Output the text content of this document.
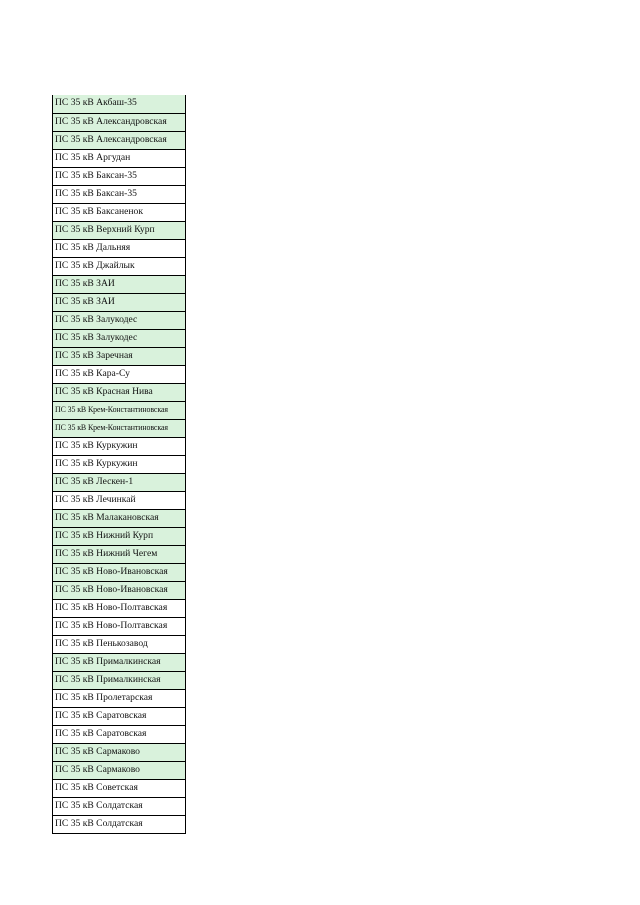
ПС 35 кВ Акбаш-35
ПС 35 кВ Александровская
ПС 35 кВ Александровская
ПС 35 кВ Аргудан
ПС 35 кВ Баксан-35
ПС 35 кВ Баксан-35
ПС 35 кВ Баксаненок
ПС 35 кВ Верхний Курп
ПС 35 кВ Дальняя
ПС 35 кВ Джайлык
ПС 35 кВ ЗАИ
ПС 35 кВ ЗАИ
ПС 35 кВ Залукодес
ПС 35 кВ Залукодес
ПС 35 кВ Заречная
ПС 35 кВ Кара-Су
ПС 35 кВ Красная Нива
ПС 35 кВ Крем-Константиновская
ПС 35 кВ Крем-Константиновская
ПС 35 кВ Куркужин
ПС 35 кВ Куркужин
ПС 35 кВ Лескен-1
ПС 35 кВ Лечинкай
ПС 35 кВ Малакановская
ПС 35 кВ Нижний Курп
ПС 35 кВ Нижний Чегем
ПС 35 кВ Ново-Ивановская
ПС 35 кВ Ново-Ивановская
ПС 35 кВ Ново-Полтавская
ПС 35 кВ Ново-Полтавская
ПС 35 кВ Пенькозавод
ПС 35 кВ Прималкинская
ПС 35 кВ Прималкинская
ПС 35 кВ Пролетарская
ПС 35 кВ Саратовская
ПС 35 кВ Саратовская
ПС 35 кВ Сармаково
ПС 35 кВ Сармаково
ПС 35 кВ Советская
ПС 35 кВ Солдатская
ПС 35 кВ Солдатская
